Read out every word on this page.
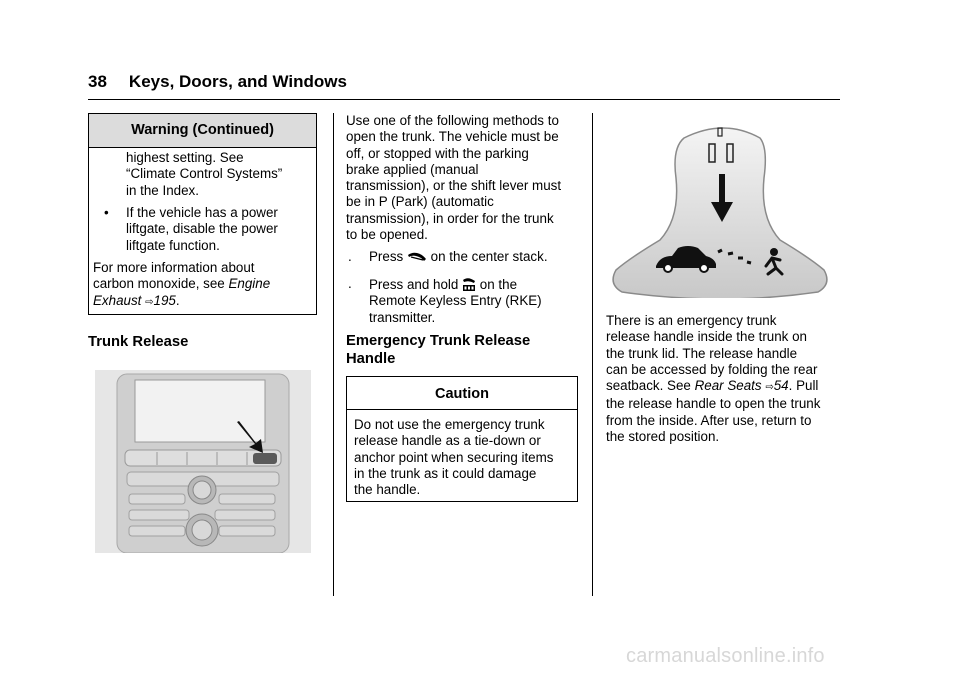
38 Keys, Doors, and Windows
Warning (Continued)
highest setting. See
“Climate Control Systems”
in the Index.
• If the vehicle has a power
liftgate, disable the power
liftgate function.
For more information about
carbon monoxide, see Engine
Exhaust ⇨195.
Trunk Release
Use one of the following methods to
open the trunk. The vehicle must be
off, or stopped with the parking
brake applied (manual
transmission), or the shift lever must
be in P (Park) (automatic
transmission), in order for the trunk
to be opened.
. Press  on the center stack.
. Press and hold  on the
Remote Keyless Entry (RKE)
transmitter.
Emergency Trunk Release
Handle
Caution
Do not use the emergency trunk
release handle as a tie-down or
anchor point when securing items
in the trunk as it could damage
the handle.
There is an emergency trunk
release handle inside the trunk on
the trunk lid. The release handle
can be accessed by folding the rear
seatback. See Rear Seats ⇨54. Pull
the release handle to open the trunk
from the inside. After use, return to
the stored position.
carmanualsonline.info
